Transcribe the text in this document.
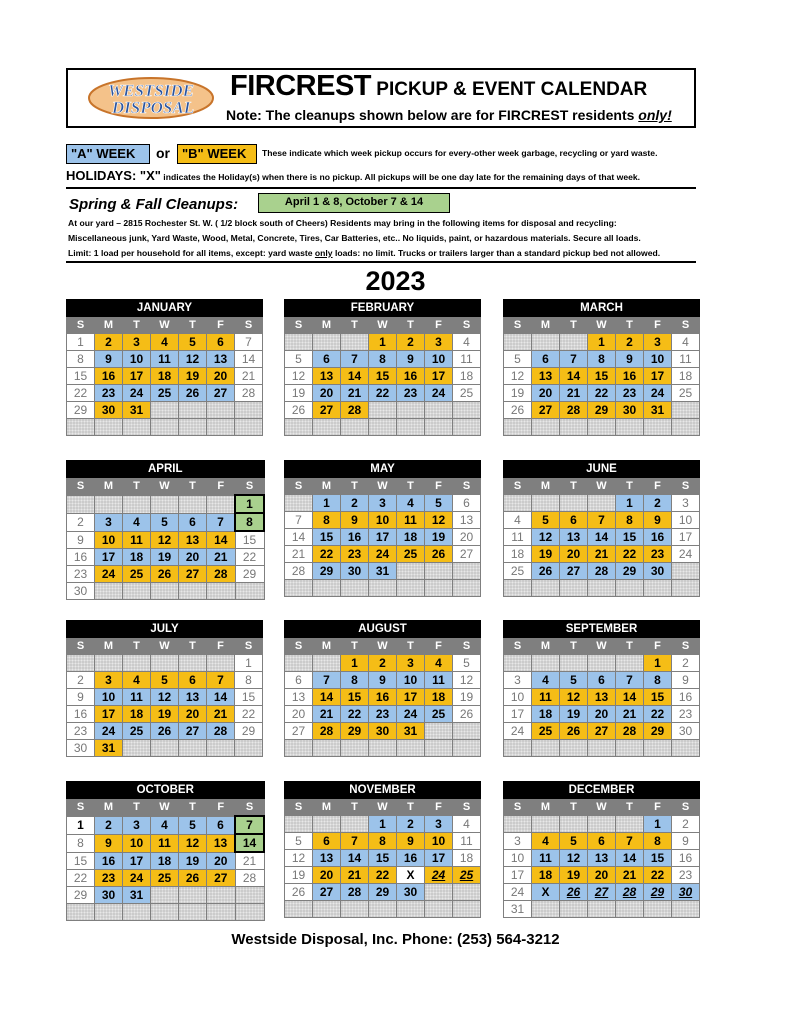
WESTSIDE
DISPOSAL
FIRCREST PICKUP & EVENT CALENDAR
Note: The cleanups shown below are for FIRCREST residents only!
"A" WEEK	or "B" WEEK	These indicate which week pickup occurs for every-other week garbage, recycling or yard waste.
HOLIDAYS: "X" indicates the Holiday(s) when there is no pickup. All pickups will be one day late for the remaining days of that week.
Spring & Fall Cleanups:	April 1 & 8, October 7 & 14
At our yard – 2815 Rochester St. W. ( 1/2 block south of Cheers) Residents may bring in the following items for disposal and recycling:
Miscellaneous junk, Yard Waste, Wood, Metal, Concrete, Tires, Car Batteries, etc.. No liquids, paint, or hazardous materials. Secure all loads.
Limit: 1 load per household for all items, except: yard waste only loads: no limit. Trucks or trailers larger than a standard pickup bed not allowed.
2023
JANUARY						
S	M	T	W	T	F	S
1	2	3	4	5	6	7
8	9	10	11	12	13	14
15	16	17	18	19	20	21
22	23	24	25	26	27	28
29	30	31				

FEBRUARY						
S	M	T	W	T	F	S
			1	2	3	4
5	6	7	8	9	10	11
12	13	14	15	16	17	18
19	20	21	22	23	24	25
26	27	28				

MARCH						
S	M	T	W	T	F	S
			1	2	3	4
5	6	7	8	9	10	11
12	13	14	15	16	17	18
19	20	21	22	23	24	25
26	27	28	29	30	31	

APRIL						
S	M	T	W	T	F	S
						1
2	3	4	5	6	7	8
9	10	11	12	13	14	15
16	17	18	19	20	21	22
23	24	25	26	27	28	29
30						
MAY						
S	M	T	W	T	F	S
	1	2	3	4	5	6
7	8	9	10	11	12	13
14	15	16	17	18	19	20
21	22	23	24	25	26	27
28	29	30	31			

JUNE						
S	M	T	W	T	F	S
				1	2	3
4	5	6	7	8	9	10
11	12	13	14	15	16	17
18	19	20	21	22	23	24
25	26	27	28	29	30	

JULY						
S	M	T	W	T	F	S
						1
2	3	4	5	6	7	8
9	10	11	12	13	14	15
16	17	18	19	20	21	22
23	24	25	26	27	28	29
30	31					
AUGUST						
S	M	T	W	T	F	S
		1	2	3	4	5
6	7	8	9	10	11	12
13	14	15	16	17	18	19
20	21	22	23	24	25	26
27	28	29	30	31		

SEPTEMBER						
S	M	T	W	T	F	S
					1	2
3	4	5	6	7	8	9
10	11	12	13	14	15	16
17	18	19	20	21	22	23
24	25	26	27	28	29	30

OCTOBER						
S	M	T	W	T	F	S
1	2	3	4	5	6	7
8	9	10	11	12	13	14
15	16	17	18	19	20	21
22	23	24	25	26	27	28
29	30	31				

NOVEMBER						
S	M	T	W	T	F	S
			1	2	3	4
5	6	7	8	9	10	11
12	13	14	15	16	17	18
19	20	21	22	X	24	25
26	27	28	29	30		

DECEMBER						
S	M	T	W	T	F	S
					1	2
3	4	5	6	7	8	9
10	11	12	13	14	15	16
17	18	19	20	21	22	23
24	X	26	27	28	29	30
31						
Westside Disposal, Inc. Phone: (253) 564-3212
